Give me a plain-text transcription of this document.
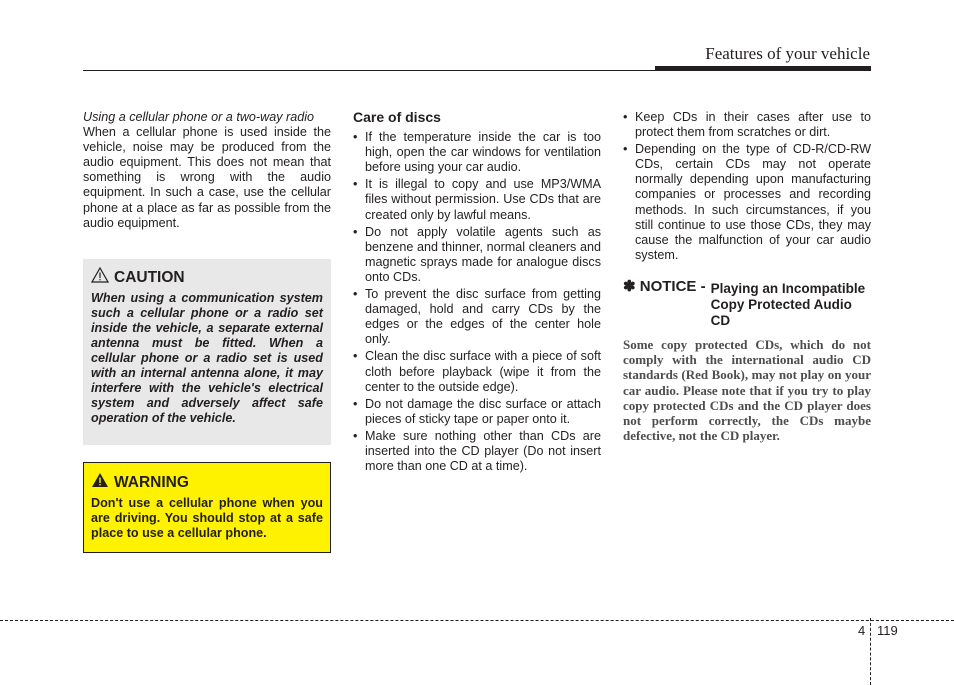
Features of your vehicle

Using a cellular phone or a two-way radio

When a cellular phone is used inside the vehicle, noise may be produced from the audio equipment. This does not mean that something is wrong with the audio equipment. In such a case, use the cellular phone at a place as far as possible from the audio equipment.

CAUTION

When using a communication system such a cellular phone or a radio set inside the vehicle, a separate external antenna must be fitted. When a cellular phone or a radio set is used with an internal antenna alone, it may interfere with the vehicle's electrical system and adversely affect safe operation of the vehicle.

WARNING

Don't use a cellular phone when you are driving. You should stop at a safe place to use a cellular phone.

Care of discs

• If the temperature inside the car is too high, open the car windows for ventilation before using your car audio.
• It is illegal to copy and use MP3/WMA files without permission. Use CDs that are created only by lawful means.
• Do not apply volatile agents such as benzene and thinner, normal cleaners and magnetic sprays made for analogue discs onto CDs.
• To prevent the disc surface from getting damaged, hold and carry CDs by the edges or the edges of the center hole only.
• Clean the disc surface with a piece of soft cloth before playback (wipe it from the center to the outside edge).
• Do not damage the disc surface or attach pieces of sticky tape or paper onto it.
• Make sure nothing other than CDs are inserted into the CD player (Do not insert more than one CD at a time).
• Keep CDs in their cases after use to protect them from scratches or dirt.
• Depending on the type of CD-R/CD-RW CDs, certain CDs may not operate normally depending upon manufacturing companies or processes and recording methods. In such circumstances, if you still continue to use those CDs, they may cause the malfunction of your car audio system.
✽ NOTICE - Playing an Incompatible Copy Protected Audio CD

Some copy protected CDs, which do not comply with the international audio CD standards (Red Book), may not play on your car audio. Please note that if you try to play copy protected CDs and the CD player does not perform correctly, the CDs maybe defective, not the CD player.

4 119
